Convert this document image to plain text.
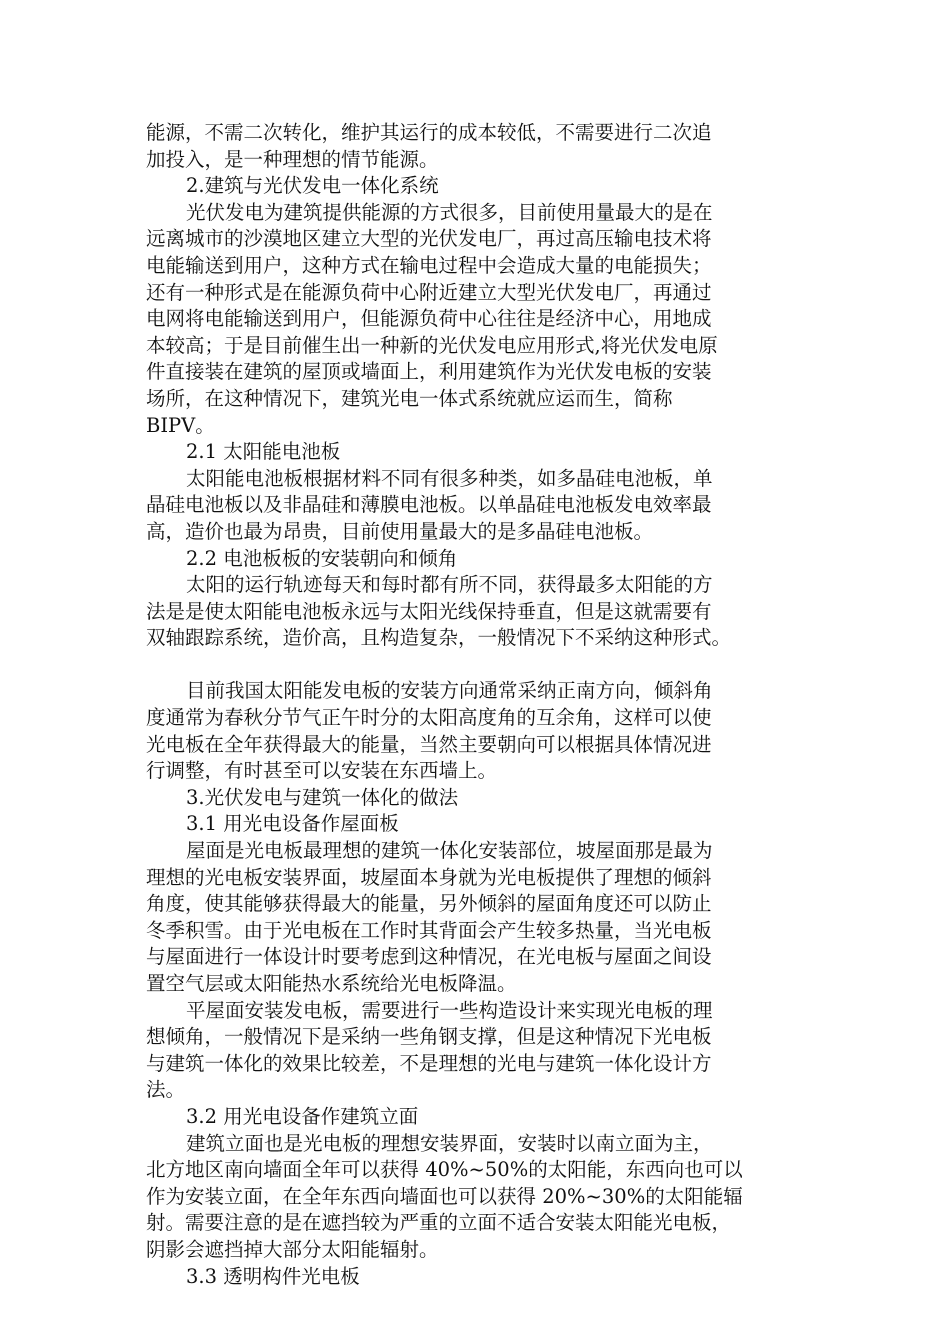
能源，不需二次转化，维护其运行的成本较低，不需要进行二次追
加投入，是一种理想的情节能源。
2.建筑与光伏发电一体化系统
光伏发电为建筑提供能源的方式很多，目前使用量最大的是在
远离城市的沙漠地区建立大型的光伏发电厂，再过高压输电技术将
电能输送到用户，这种方式在输电过程中会造成大量的电能损失；
还有一种形式是在能源负荷中心附近建立大型光伏发电厂，再通过
电网将电能输送到用户，但能源负荷中心往往是经济中心，用地成
本较高；于是目前催生出一种新的光伏发电应用形式,将光伏发电原
件直接装在建筑的屋顶或墙面上，利用建筑作为光伏发电板的安装
场所，在这种情况下，建筑光电一体式系统就应运而生，简称
BIPV。
2.1 太阳能电池板
太阳能电池板根据材料不同有很多种类，如多晶硅电池板，单
晶硅电池板以及非晶硅和薄膜电池板。以单晶硅电池板发电效率最
高，造价也最为昂贵，目前使用量最大的是多晶硅电池板。
2.2 电池板板的安装朝向和倾角
太阳的运行轨迹每天和每时都有所不同，获得最多太阳能的方
法是是使太阳能电池板永远与太阳光线保持垂直，但是这就需要有
双轴跟踪系统，造价高，且构造复杂，一般情况下不采纳这种形式。
目前我国太阳能发电板的安装方向通常采纳正南方向，倾斜角
度通常为春秋分节气正午时分的太阳高度角的互余角，这样可以使
光电板在全年获得最大的能量，当然主要朝向可以根据具体情况进
行调整，有时甚至可以安装在东西墙上。
3.光伏发电与建筑一体化的做法
3.1 用光电设备作屋面板
屋面是光电板最理想的建筑一体化安装部位，坡屋面那是最为
理想的光电板安装界面，坡屋面本身就为光电板提供了理想的倾斜
角度，使其能够获得最大的能量，另外倾斜的屋面角度还可以防止
冬季积雪。由于光电板在工作时其背面会产生较多热量，当光电板
与屋面进行一体设计时要考虑到这种情况，在光电板与屋面之间设
置空气层或太阳能热水系统给光电板降温。
平屋面安装发电板，需要进行一些构造设计来实现光电板的理
想倾角，一般情况下是采纳一些角钢支撑，但是这种情况下光电板
与建筑一体化的效果比较差，不是理想的光电与建筑一体化设计方
法。
3.2 用光电设备作建筑立面
建筑立面也是光电板的理想安装界面，安装时以南立面为主，
北方地区南向墙面全年可以获得 40%~50%的太阳能，东西向也可以
作为安装立面，在全年东西向墙面也可以获得 20%~30%的太阳能辐
射。需要注意的是在遮挡较为严重的立面不适合安装太阳能光电板，
阴影会遮挡掉大部分太阳能辐射。
3.3 透明构件光电板
